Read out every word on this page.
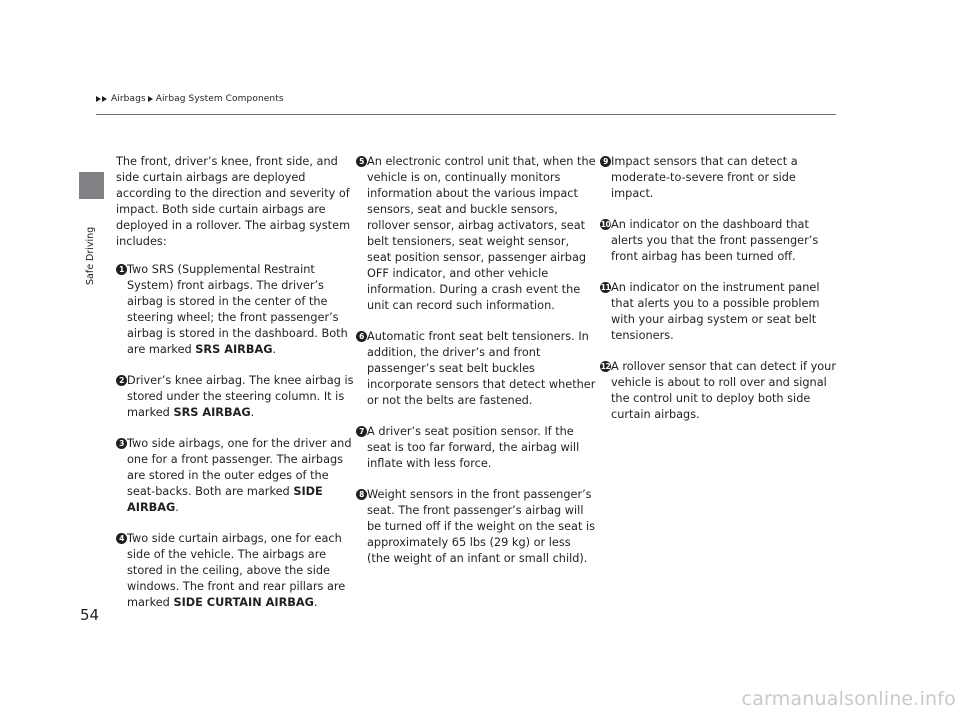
Airbags Airbag System Components
Safe Driving

The front, driver’s knee, front side, and side curtain airbags are deployed according to the direction and severity of impact. Both side curtain airbags are deployed in a rollover. The airbag system includes:

1 Two SRS (Supplemental Restraint System) front airbags. The driver’s airbag is stored in the center of the steering wheel; the front passenger’s airbag is stored in the dashboard. Both are marked SRS AIRBAG.
2 Driver’s knee airbag. The knee airbag is stored under the steering column. It is marked SRS AIRBAG.
3 Two side airbags, one for the driver and one for a front passenger. The airbags are stored in the outer edges of the seat-backs. Both are marked SIDE AIRBAG.
4 Two side curtain airbags, one for each side of the vehicle. The airbags are stored in the ceiling, above the side windows. The front and rear pillars are marked SIDE CURTAIN AIRBAG.
5 An electronic control unit that, when the vehicle is on, continually monitors information about the various impact sensors, seat and buckle sensors, rollover sensor, airbag activators, seat belt tensioners, seat weight sensor, seat position sensor, passenger airbag OFF indicator, and other vehicle information. During a crash event the unit can record such information.
6 Automatic front seat belt tensioners. In addition, the driver’s and front passenger’s seat belt buckles incorporate sensors that detect whether or not the belts are fastened.
7 A driver’s seat position sensor. If the seat is too far forward, the airbag will inflate with less force.
8 Weight sensors in the front passenger’s seat. The front passenger’s airbag will be turned off if the weight on the seat is approximately 65 lbs (29 kg) or less (the weight of an infant or small child).
9 Impact sensors that can detect a moderate-to-severe front or side impact.
10 An indicator on the dashboard that alerts you that the front passenger’s front airbag has been turned off.
11 An indicator on the instrument panel that alerts you to a possible problem with your airbag system or seat belt tensioners.
12 A rollover sensor that can detect if your vehicle is about to roll over and signal the control unit to deploy both side curtain airbags.
54
carmanualsonline.info
